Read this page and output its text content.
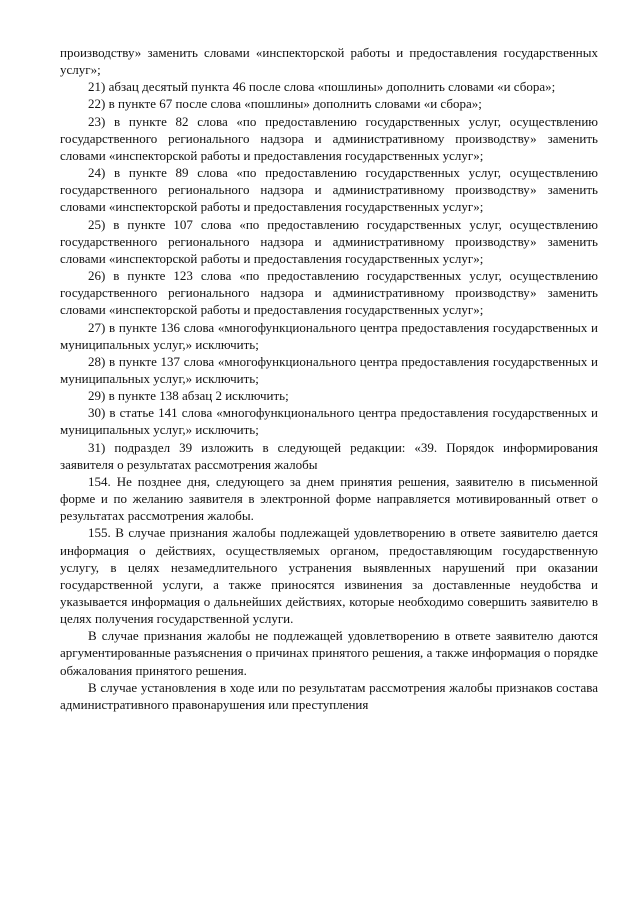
производству» заменить словами «инспекторской работы и предоставления государственных услуг»;

21) абзац десятый пункта 46 после слова «пошлины» дополнить словами «и сбора»;

22) в пункте 67 после слова «пошлины» дополнить словами «и сбора»;

23) в пункте 82 слова «по предоставлению государственных услуг, осуществлению государственного регионального надзора и административному производству» заменить словами «инспекторской работы и предоставления государственных услуг»;

24) в пункте 89 слова «по предоставлению государственных услуг, осуществлению государственного регионального надзора и административному производству» заменить словами «инспекторской работы и предоставления государственных услуг»;

25) в пункте 107 слова «по предоставлению государственных услуг, осуществлению государственного регионального надзора и административному производству» заменить словами «инспекторской работы и предоставления государственных услуг»;

26) в пункте 123 слова «по предоставлению государственных услуг, осуществлению государственного регионального надзора и административному производству» заменить словами «инспекторской работы и предоставления государственных услуг»;

27) в пункте 136 слова «многофункционального центра предоставления государственных и муниципальных услуг,» исключить;

28) в пункте 137 слова «многофункционального центра предоставления государственных и муниципальных услуг,» исключить;

29) в пункте 138 абзац 2 исключить;

30) в статье 141 слова «многофункционального центра предоставления государственных и муниципальных услуг,» исключить;

31) подраздел 39 изложить в следующей редакции: «39. Порядок информирования заявителя о результатах рассмотрения жалобы

154. Не позднее дня, следующего за днем принятия решения, заявителю в письменной форме и по желанию заявителя в электронной форме направляется мотивированный ответ о результатах рассмотрения жалобы.

155. В случае признания жалобы подлежащей удовлетворению в ответе заявителю дается информация о действиях, осуществляемых органом, предоставляющим государственную услугу, в целях незамедлительного устранения выявленных нарушений при оказании государственной услуги, а также приносятся извинения за доставленные неудобства и указывается информация о дальнейших действиях, которые необходимо совершить заявителю в целях получения государственной услуги.

В случае признания жалобы не подлежащей удовлетворению в ответе заявителю даются аргументированные разъяснения о причинах принятого решения, а также информация о порядке обжалования принятого решения.

В случае установления в ходе или по результатам рассмотрения жалобы признаков состава административного правонарушения или преступления
